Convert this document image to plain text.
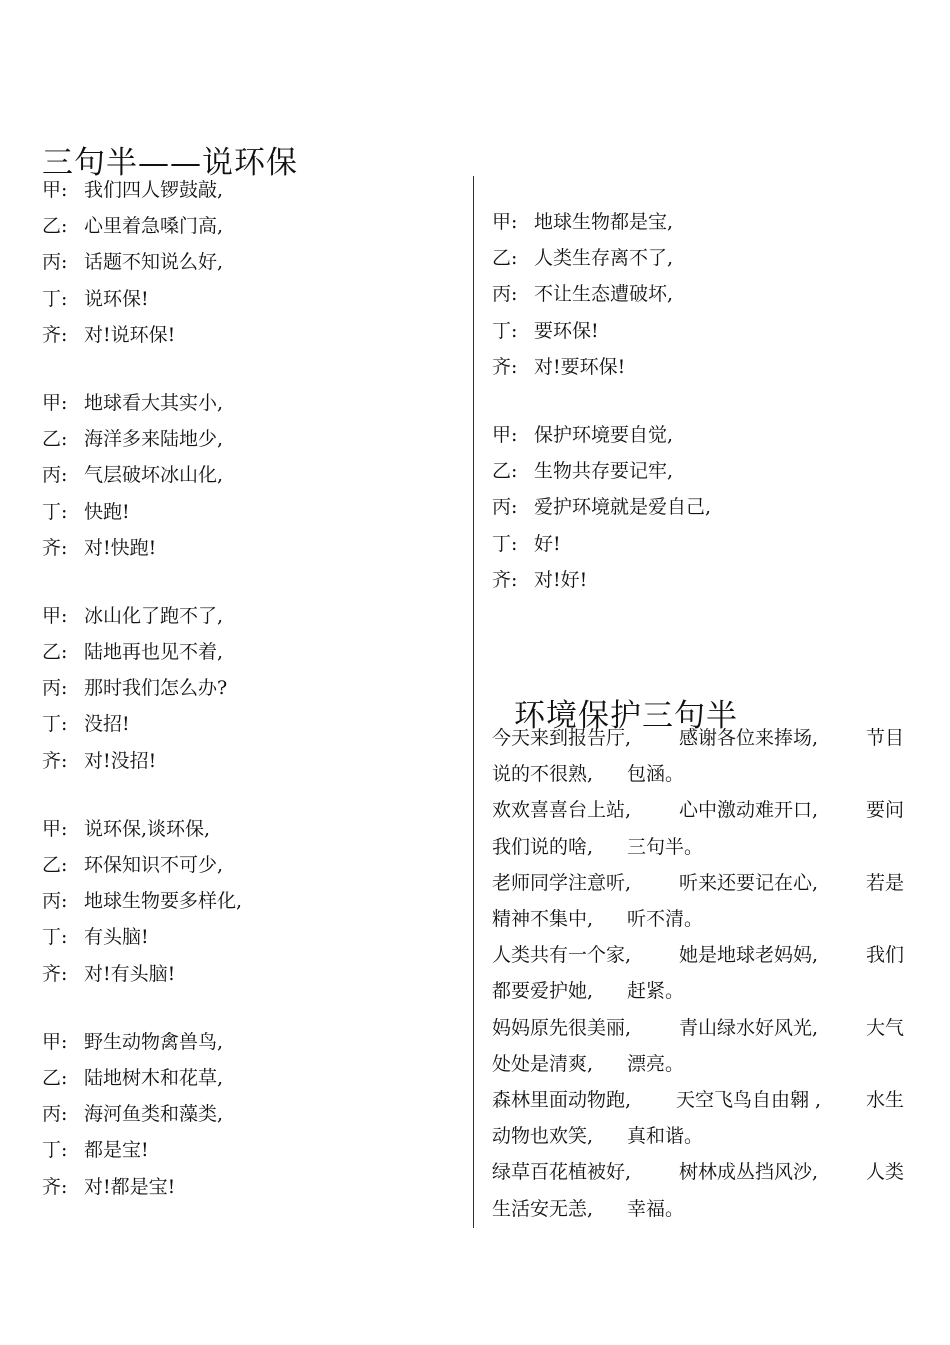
三句半——说环保
甲: 我们四人锣鼓敲,
乙: 心里着急嗓门高,
丙: 话题不知说么好,
丁: 说环保!
齐: 对!说环保!
甲: 地球看大其实小,
乙: 海洋多来陆地少,
丙: 气层破坏冰山化,
丁: 快跑!
齐: 对!快跑!
甲: 冰山化了跑不了,
乙: 陆地再也见不着,
丙: 那时我们怎么办?
丁: 没招!
齐: 对!没招!
甲: 说环保,谈环保,
乙: 环保知识不可少,
丙: 地球生物要多样化,
丁: 有头脑!
齐: 对!有头脑!
甲: 野生动物禽兽鸟,
乙: 陆地树木和花草,
丙: 海河鱼类和藻类,
丁: 都是宝!
齐: 对!都是宝!
甲: 地球生物都是宝,
乙: 人类生存离不了,
丙: 不让生态遭破坏,
丁: 要环保!
齐: 对!要环保!
甲: 保护环境要自觉,
乙: 生物共存要记牢,
丙: 爱护环境就是爱自己,
丁: 好!
齐: 对!好!
环境保护三句半
今天来到报告厅,	感谢各位来捧场,	节目
说的不很熟, 包涵。
欢欢喜喜台上站,	心中激动难开口,	要问
我们说的啥, 三句半。
老师同学注意听,	听来还要记在心,	若是
精神不集中, 听不清。
人类共有一个家,	她是地球老妈妈,	我们
都要爱护她, 赶紧。
妈妈原先很美丽,	青山绿水好风光,	大气
处处是清爽, 漂亮。
森林里面动物跑, 天空飞鸟自由翱 , 水生
动物也欢笑, 真和谐。
绿草百花植被好,	树林成丛挡风沙,	人类
生活安无恙, 幸福。
